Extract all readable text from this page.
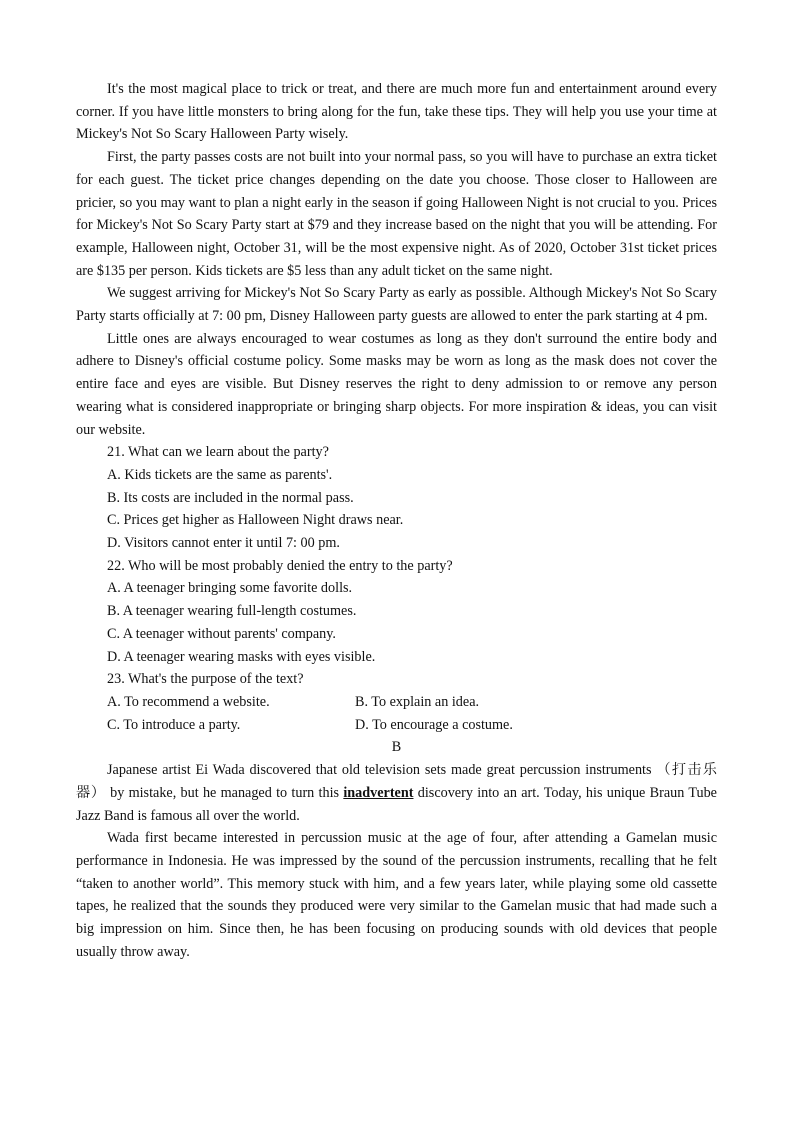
It's the most magical place to trick or treat, and there are much more fun and entertainment around every corner. If you have little monsters to bring along for the fun, take these tips. They will help you use your time at Mickey's Not So Scary Halloween Party wisely.

First, the party passes costs are not built into your normal pass, so you will have to purchase an extra ticket for each guest. The ticket price changes depending on the date you choose. Those closer to Halloween are pricier, so you may want to plan a night early in the season if going Halloween Night is not crucial to you. Prices for Mickey's Not So Scary Party start at $79 and they increase based on the night that you will be attending. For example, Halloween night, October 31, will be the most expensive night. As of 2020, October 31st ticket prices are $135 per person. Kids tickets are $5 less than any adult ticket on the same night.

We suggest arriving for Mickey's Not So Scary Party as early as possible. Although Mickey's Not So Scary Party starts officially at 7: 00 pm, Disney Halloween party guests are allowed to enter the park starting at 4 pm.

Little ones are always encouraged to wear costumes as long as they don't surround the entire body and adhere to Disney's official costume policy. Some masks may be worn as long as the mask does not cover the entire face and eyes are visible. But Disney reserves the right to deny admission to or remove any person wearing what is considered inappropriate or bringing sharp objects. For more inspiration & ideas, you can visit our website.

21. What can we learn about the party?

A. Kids tickets are the same as parents'.

B. Its costs are included in the normal pass.

C. Prices get higher as Halloween Night draws near.

D. Visitors cannot enter it until 7: 00 pm.

22. Who will be most probably denied the entry to the party?

A. A teenager bringing some favorite dolls.

B. A teenager wearing full-length costumes.

C. A teenager without parents' company.

D. A teenager wearing masks with eyes visible.

23. What's the purpose of the text?

A. To recommend a website.	B. To explain an idea.
C. To introduce a party.	D. To encourage a costume.

B

Japanese artist Ei Wada discovered that old television sets made great percussion instruments （打击乐器） by mistake, but he managed to turn this inadvertent discovery into an art. Today, his unique Braun Tube Jazz Band is famous all over the world.

Wada first became interested in percussion music at the age of four, after attending a Gamelan music performance in Indonesia. He was impressed by the sound of the percussion instruments, recalling that he felt “taken to another world”. This memory stuck with him, and a few years later, while playing some old cassette tapes, he realized that the sounds they produced were very similar to the Gamelan music that had made such a big impression on him. Since then, he has been focusing on producing sounds with old devices that people usually throw away.
